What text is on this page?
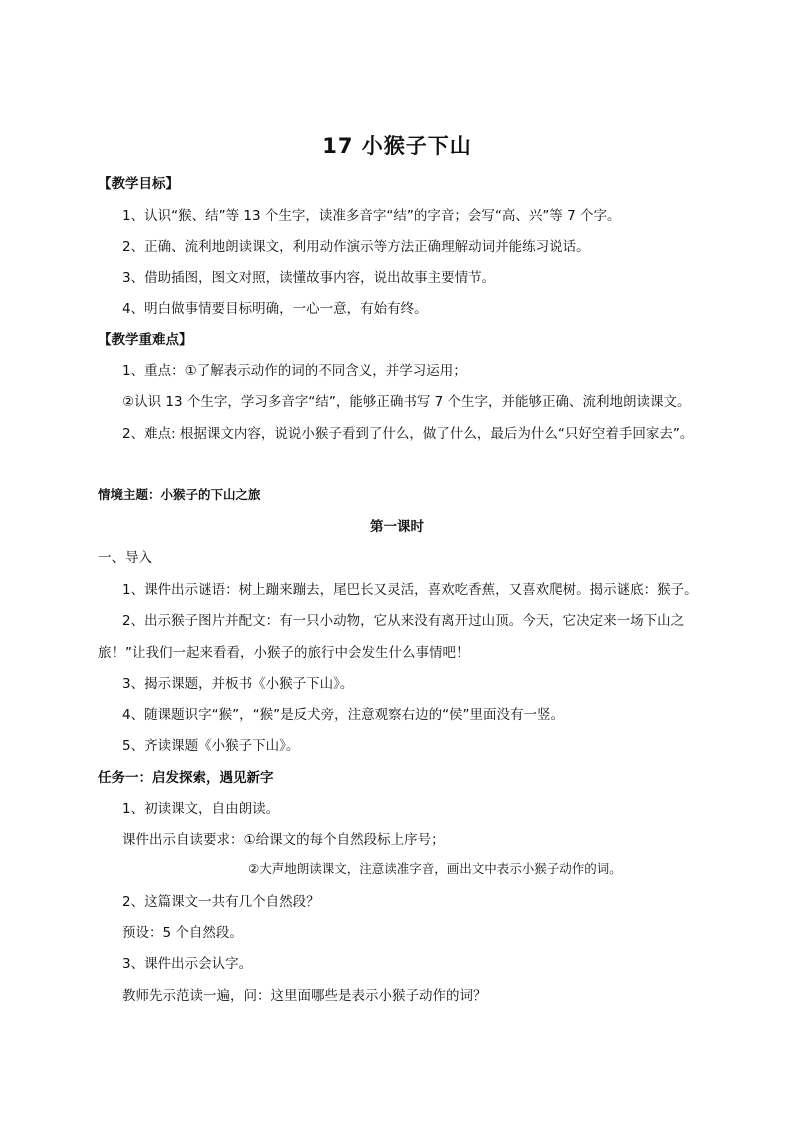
17 小猴子下山
【教学目标】
1、认识“猴、结”等 13 个生字，读准多音字“结”的字音；会写“高、兴”等 7 个字。
2、正确、流利地朗读课文，利用动作演示等方法正确理解动词并能练习说话。
3、借助插图，图文对照，读懂故事内容，说出故事主要情节。
4、明白做事情要目标明确，一心一意，有始有终。
【教学重难点】
1、重点：①了解表示动作的词的不同含义，并学习运用；
②认识 13 个生字，学习多音字“结”，能够正确书写 7 个生字，并能够正确、流利地朗读课文。
2、难点: 根据课文内容，说说小猴子看到了什么，做了什么，最后为什么“只好空着手回家去”。
情境主题：小猴子的下山之旅
第一课时
一、导入
1、课件出示谜语：树上蹦来蹦去，尾巴长又灵活，喜欢吃香蕉，又喜欢爬树。揭示谜底：猴子。
2、出示猴子图片并配文：有一只小动物，它从来没有离开过山顶。今天，它决定来一场下山之
旅！”让我们一起来看看，小猴子的旅行中会发生什么事情吧！
3、揭示课题，并板书《小猴子下山》。
4、随课题识字“猴”，“猴”是反犬旁，注意观察右边的“侯”里面没有一竖。
5、齐读课题《小猴子下山》。
任务一：启发探索，遇见新字
1、初读课文，自由朗读。
课件出示自读要求：①给课文的每个自然段标上序号；
②大声地朗读课文，注意读准字音，画出文中表示小猴子动作的词。
2、这篇课文一共有几个自然段？
预设：5 个自然段。
3、课件出示会认字。
教师先示范读一遍，问：这里面哪些是表示小猴子动作的词？
